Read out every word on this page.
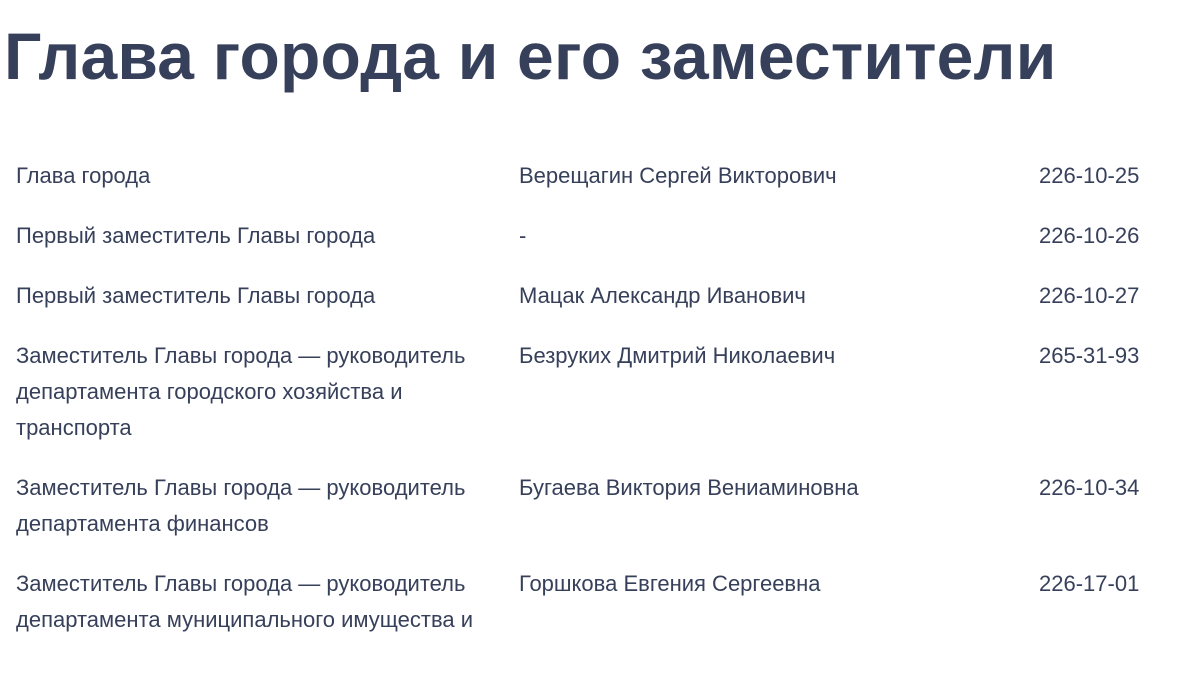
Глава города и его заместители
Глава города	Верещагин Сергей Викторович	226-10-25

Первый заместитель Главы города	-	226-10-26

Первый заместитель Главы города	Мацак Александр Иванович	226-10-27

Заместитель Главы города — руководитель департамента городского хозяйства и транспорта	Безруких Дмитрий Николаевич	265-31-93

Заместитель Главы города — руководитель департамента финансов	Бугаева Виктория Вениаминовна	226-10-34

Заместитель Главы города — руководитель департамента муниципального имущества и	Горшкова Евгения Сергеевна	226-17-01
